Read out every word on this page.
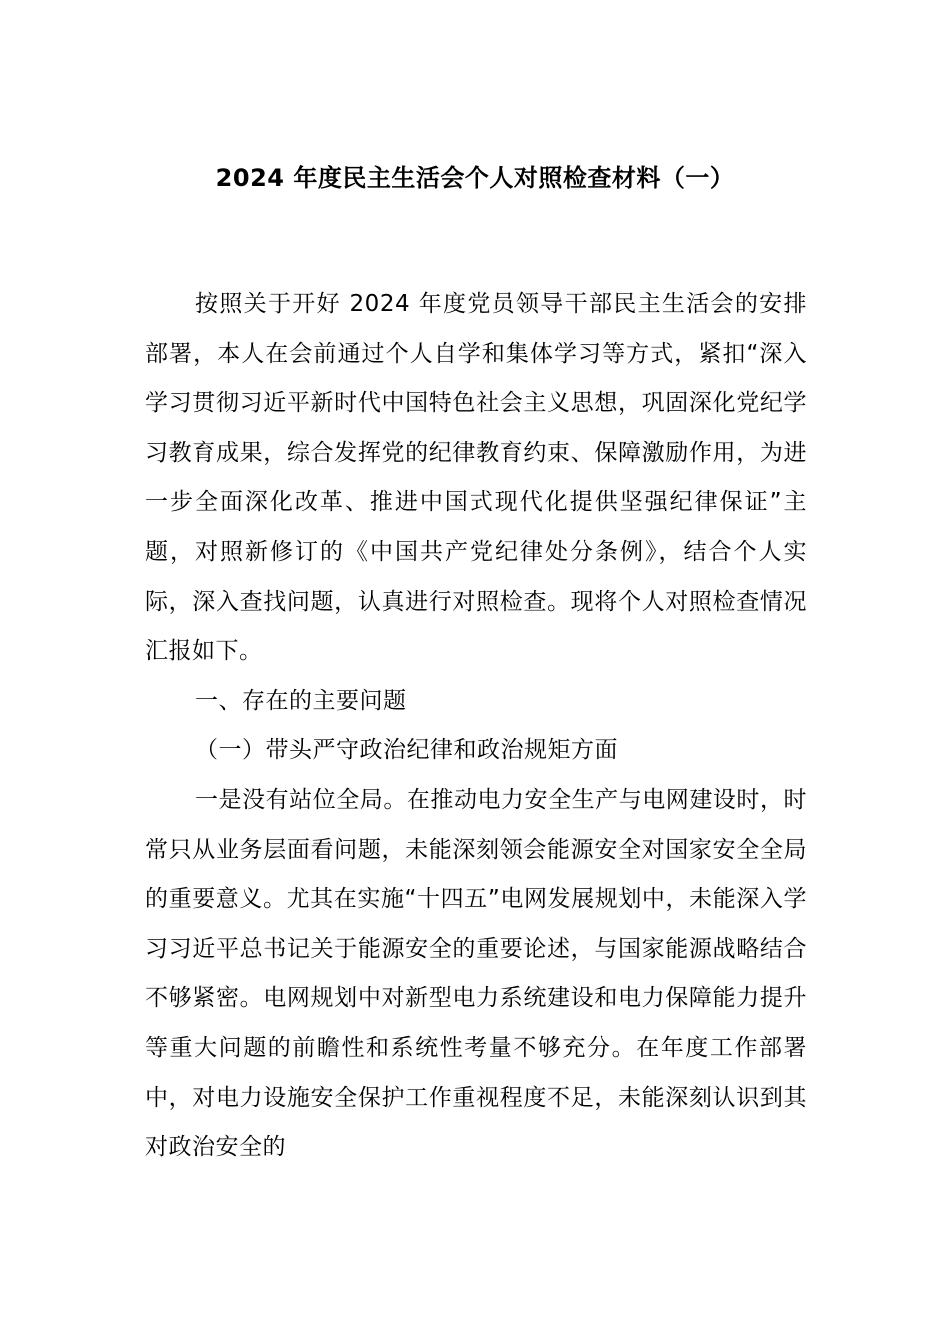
2024 年度民主生活会个人对照检查材料（一）

按照关于开好 2024 年度党员领导干部民主生活会的安排部署，本人在会前通过个人自学和集体学习等方式，紧扣“深入学习贯彻习近平新时代中国特色社会主义思想，巩固深化党纪学习教育成果，综合发挥党的纪律教育约束、保障激励作用，为进一步全面深化改革、推进中国式现代化提供坚强纪律保证”主题，对照新修订的《中国共产党纪律处分条例》，结合个人实际，深入查找问题，认真进行对照检查。现将个人对照检查情况汇报如下。

一、存在的主要问题

（一）带头严守政治纪律和政治规矩方面

一是没有站位全局。在推动电力安全生产与电网建设时，时常只从业务层面看问题，未能深刻领会能源安全对国家安全全局的重要意义。尤其在实施“十四五”电网发展规划中，未能深入学习习近平总书记关于能源安全的重要论述，与国家能源战略结合不够紧密。电网规划中对新型电力系统建设和电力保障能力提升等重大问题的前瞻性和系统性考量不够充分。在年度工作部署中，对电力设施安全保护工作重视程度不足，未能深刻认识到其对政治安全的
